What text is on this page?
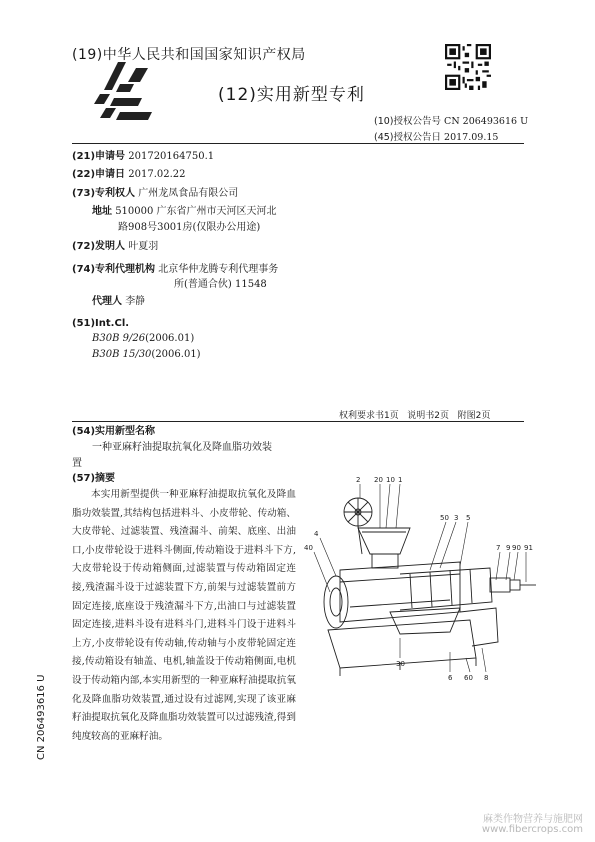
(19)中华人民共和国国家知识产权局
(12)实用新型专利
(10)授权公告号 CN 206493616 U
(45)授权公告日 2017.09.15
(21)申请号 201720164750.1
(22)申请日 2017.02.22
(73)专利权人 广州龙凤食品有限公司
地址 510000 广东省广州市天河区天河北
路908号3001房(仅限办公用途)
(72)发明人 叶夏羽
(74)专利代理机构 北京华仲龙腾专利代理事务
所(普通合伙) 11548
代理人 李静
(51)Int.Cl.
B30B 9/26(2006.01)
B30B 15/30(2006.01)
权利要求书1页   说明书2页   附图2页
(54)实用新型名称
一种亚麻籽油提取抗氧化及降血脂功效装
置
(57)摘要
本实用新型提供一种亚麻籽油提取抗氧化及降血脂功效装置,其结构包括进料斗、小皮带轮、传动箱、大皮带轮、过滤装置、残渣漏斗、前架、底座、出油口,小皮带轮设于进料斗侧面,传动箱设于进料斗下方,大皮带轮设于传动箱侧面,过滤装置与传动箱固定连接,残渣漏斗设于过滤装置下方,前架与过滤装置前方固定连接,底座设于残渣漏斗下方,出油口与过滤装置固定连接,进料斗设有进料斗门,进料斗门设于进料斗上方,小皮带轮设有传动轴,传动轴与小皮带轮固定连接,传动箱设有轴盖、电机,轴盖设于传动箱侧面,电机设于传动箱内部,本实用新型的一种亚麻籽油提取抗氧化及降血脂功效装置,通过设有过滤网,实现了该亚麻籽油提取抗氧化及降血脂功效装置可以过滤残渣,得到纯度较高的亚麻籽油。
CN 206493616 U
2 20 10 1
5
50 3
4
40	7 9 90 91
30
6 60 8
麻类作物营养与施肥网
www.fibercrops.com
